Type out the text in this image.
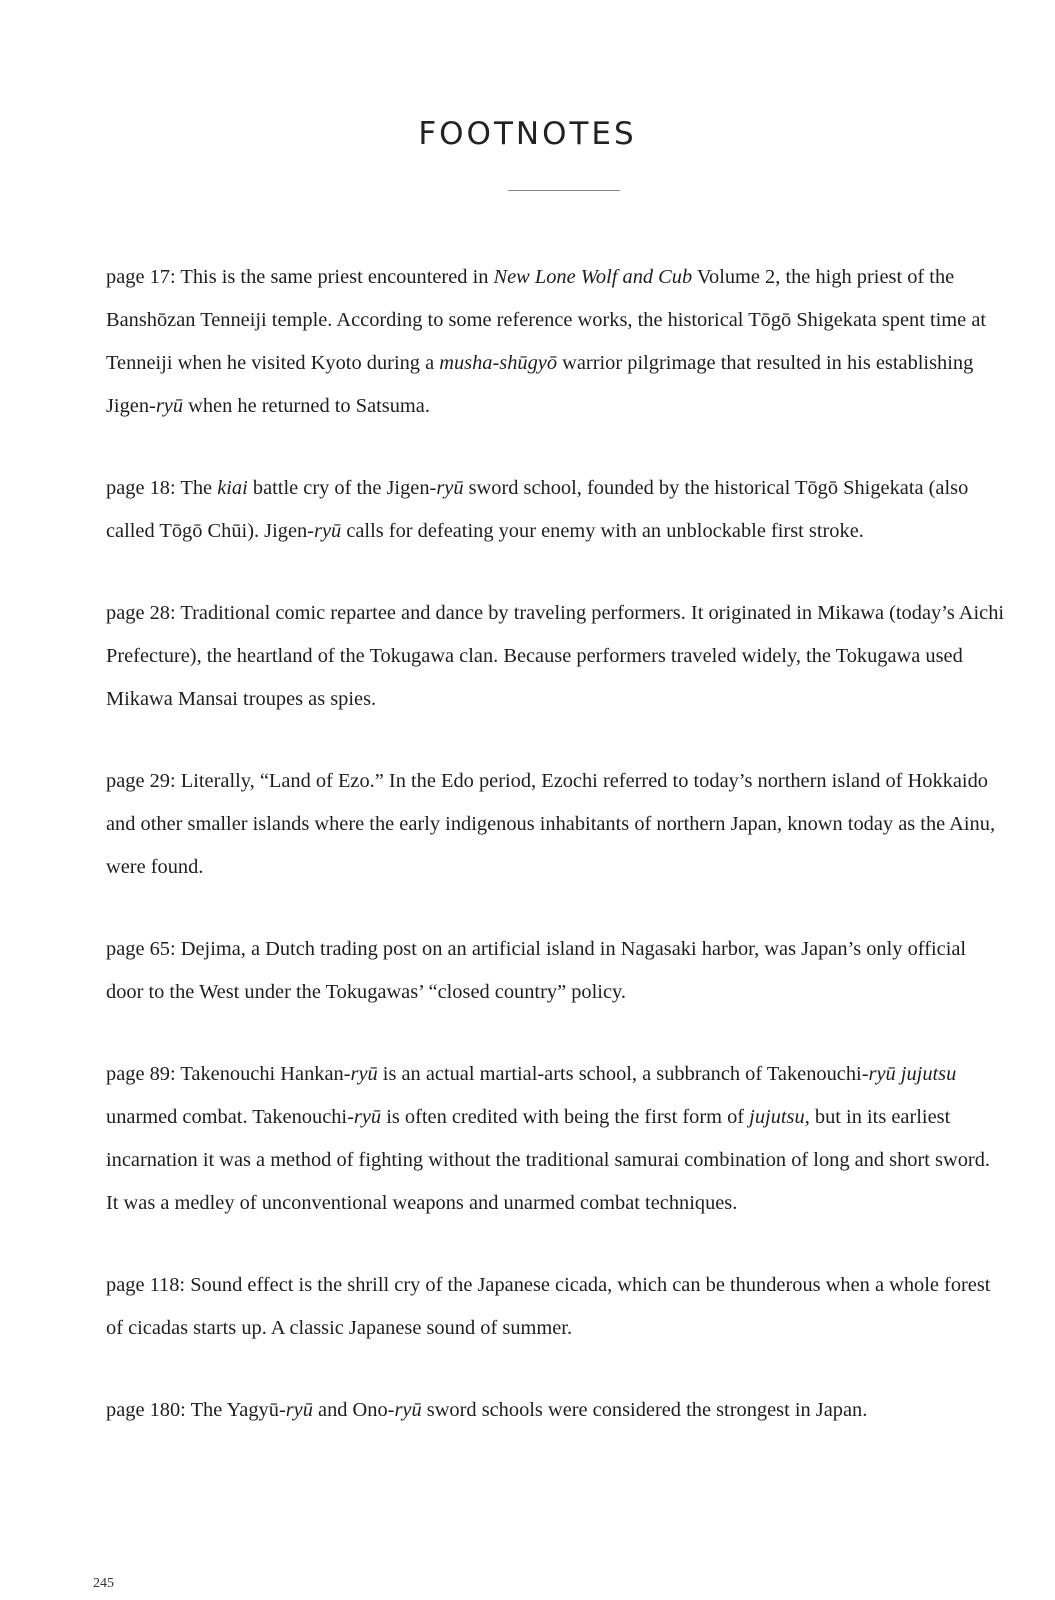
FOOTNOTES

page 17: This is the same priest encountered in New Lone Wolf and Cub Volume 2, the high priest of the Banshōzan Tenneiji temple. According to some reference works, the historical Tōgō Shigekata spent time at Tenneiji when he visited Kyoto during a musha-shūgyō warrior pilgrimage that resulted in his establishing Jigen-ryū when he returned to Satsuma.

page 18: The kiai battle cry of the Jigen-ryū sword school, founded by the historical Tōgō Shigekata (also called Tōgō Chūi). Jigen-ryū calls for defeating your enemy with an unblockable first stroke.

page 28: Traditional comic repartee and dance by traveling performers. It originated in Mikawa (today’s Aichi Prefecture), the heartland of the Tokugawa clan. Because performers traveled widely, the Tokugawa used Mikawa Mansai troupes as spies.

page 29: Literally, “Land of Ezo.” In the Edo period, Ezochi referred to today’s northern island of Hokkaido and other smaller islands where the early indigenous inhabitants of northern Japan, known today as the Ainu, were found.

page 65: Dejima, a Dutch trading post on an artificial island in Nagasaki harbor, was Japan’s only official door to the West under the Tokugawas’ “closed country” policy.

page 89: Takenouchi Hankan-ryū is an actual martial-arts school, a subbranch of Takenouchi-ryū jujutsu unarmed combat. Takenouchi-ryū is often credited with being the first form of jujutsu, but in its earliest incarnation it was a method of fighting without the traditional samurai combination of long and short sword. It was a medley of unconventional weapons and unarmed combat techniques.

page 118: Sound effect is the shrill cry of the Japanese cicada, which can be thunderous when a whole forest of cicadas starts up. A classic Japanese sound of summer.

page 180: The Yagyū-ryū and Ono-ryū sword schools were considered the strongest in Japan.

245
